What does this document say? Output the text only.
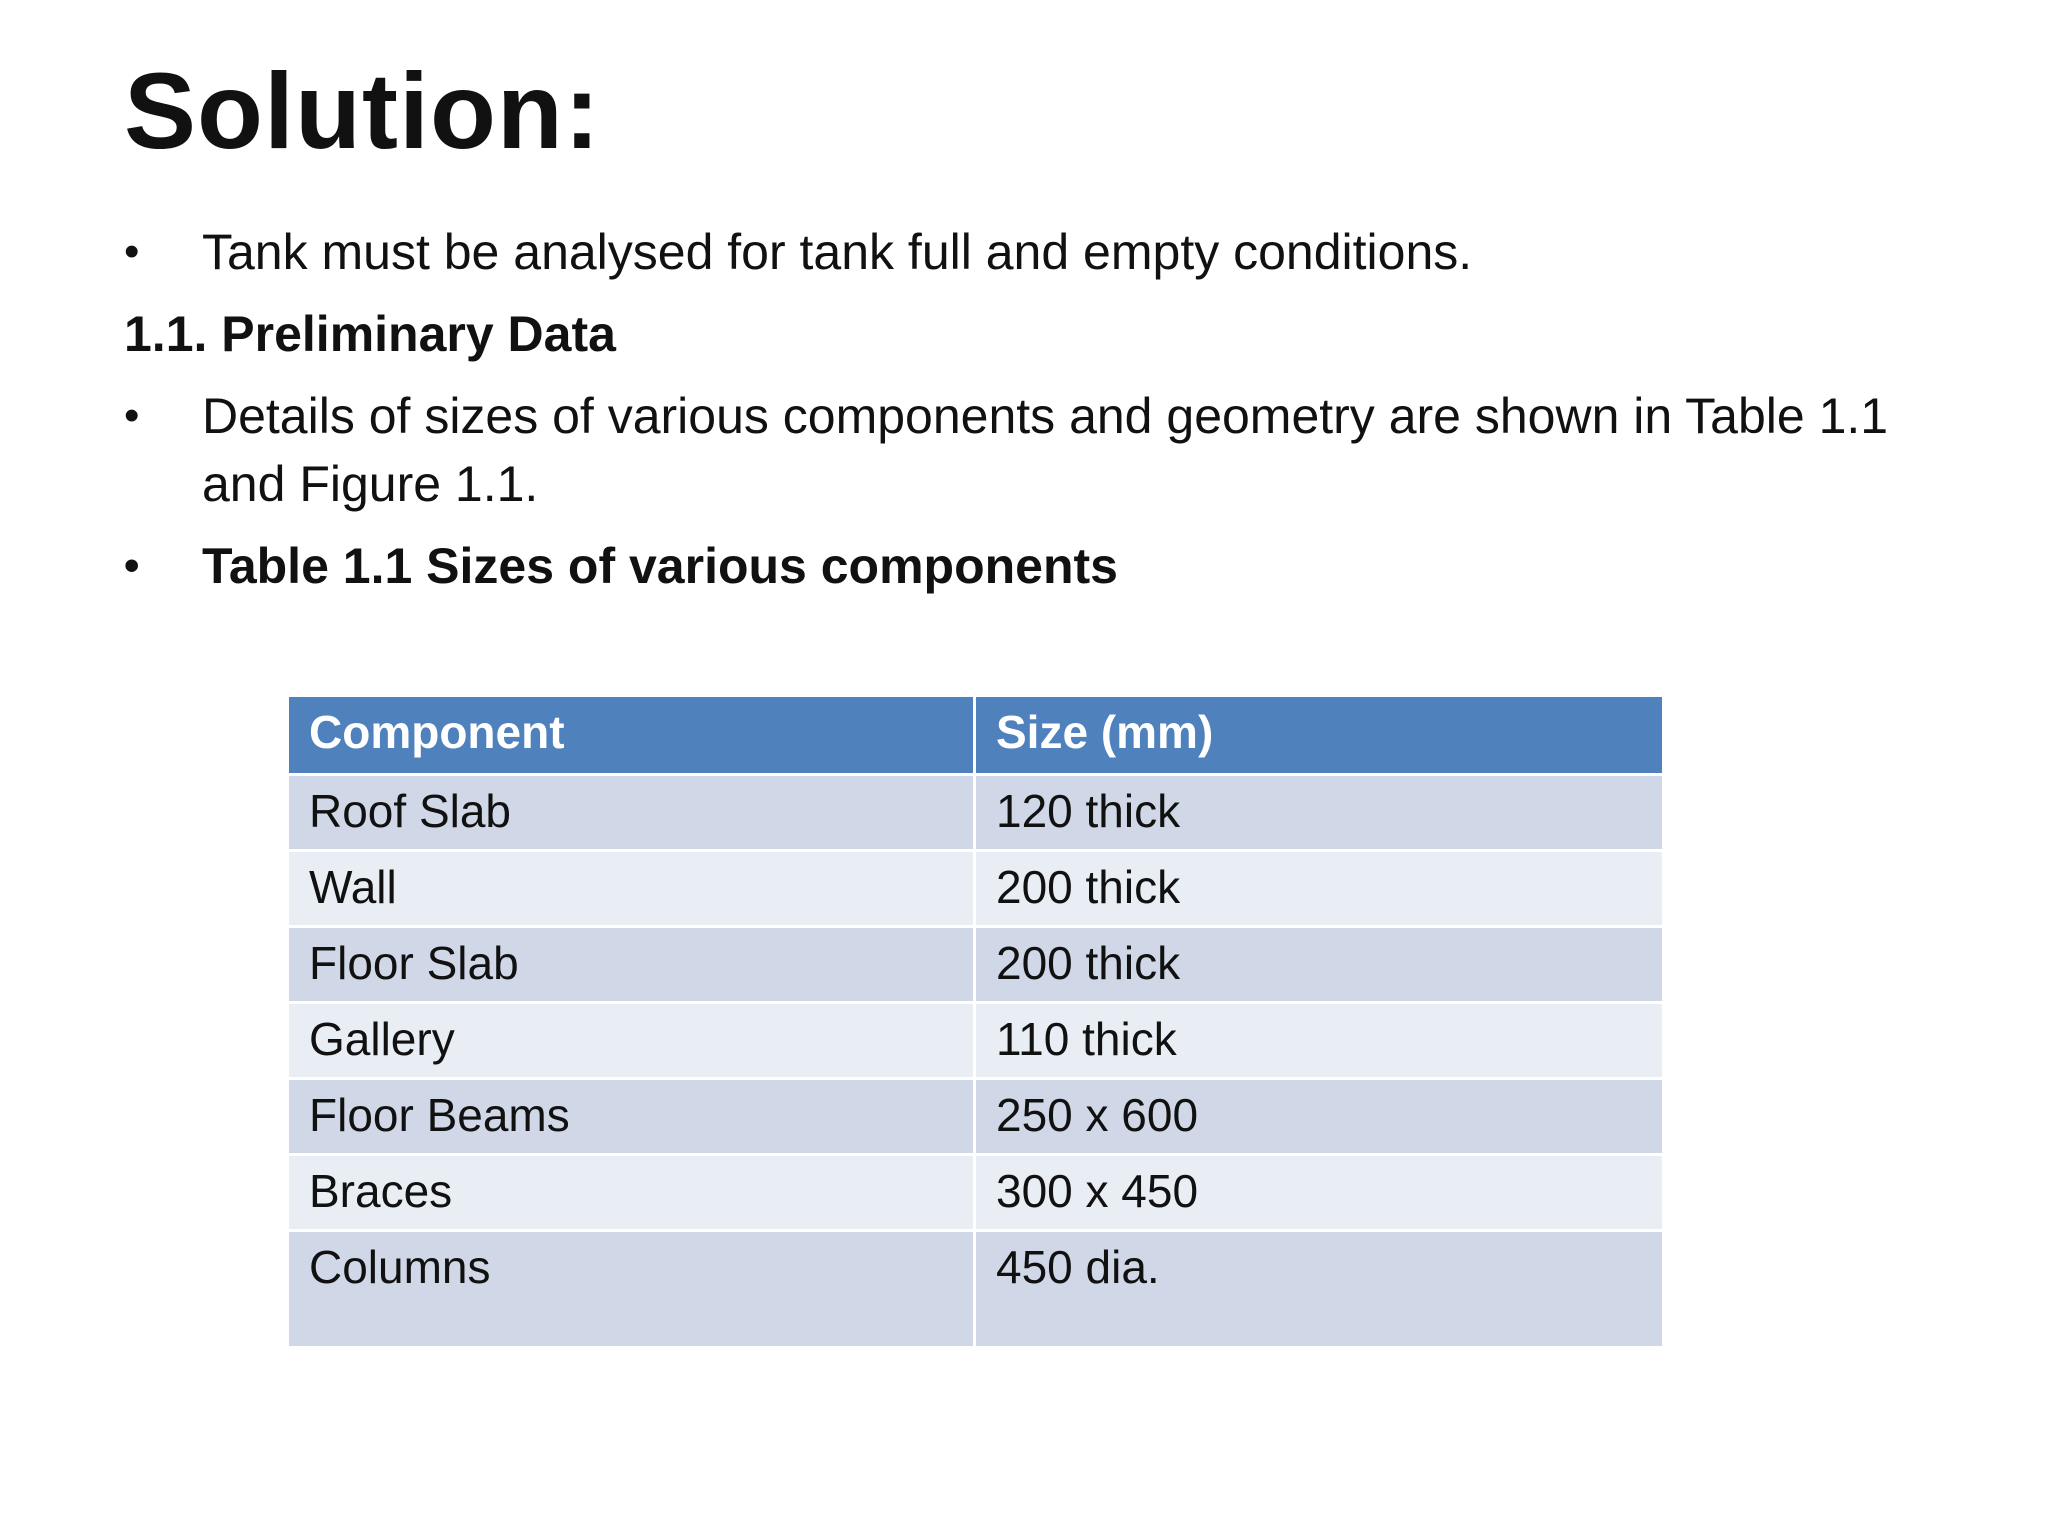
Solution:
•	Tank must be analysed for tank full and empty conditions.
1.1. Preliminary Data
•	Details of sizes of various components and geometry are shown in Table 1.1 and Figure 1.1.
•	Table 1.1 Sizes of various components
Component	Size (mm)
Roof Slab	120 thick
Wall	200 thick
Floor Slab	200 thick
Gallery	110 thick
Floor Beams	250 x 600
Braces	300 x 450
Columns	450 dia.
